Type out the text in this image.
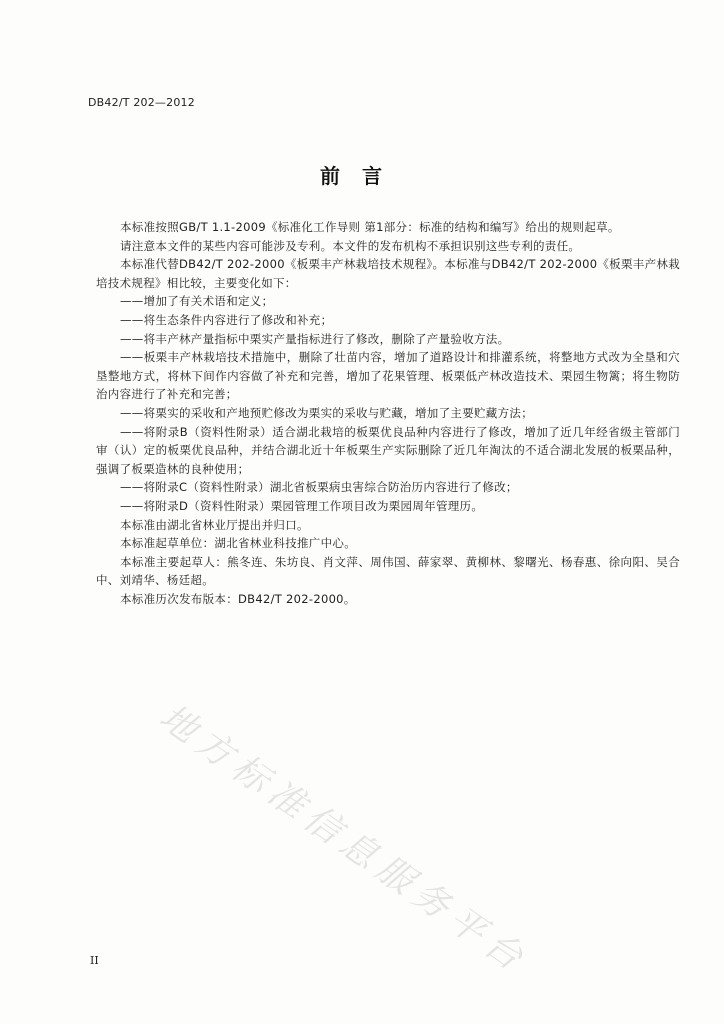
DB42/T 202—2012
前言

本标准按照GB/T 1.1-2009《标准化工作导则 第1部分：标准的结构和编写》给出的规则起草。

请注意本文件的某些内容可能涉及专利。本文件的发布机构不承担识别这些专利的责任。

本标准代替DB42/T 202-2000《板栗丰产林栽培技术规程》。本标准与DB42/T 202-2000《板栗丰产林栽培技术规程》相比较，主要变化如下：

——增加了有关术语和定义；

——将生态条件内容进行了修改和补充；

——将丰产林产量指标中栗实产量指标进行了修改，删除了产量验收方法。

——板栗丰产林栽培技术措施中，删除了壮苗内容，增加了道路设计和排灌系统，将整地方式改为全垦和穴垦整地方式，将林下间作内容做了补充和完善，增加了花果管理、板栗低产林改造技术、栗园生物篱；将生物防治内容进行了补充和完善；

——将栗实的采收和产地预贮修改为栗实的采收与贮藏，增加了主要贮藏方法；

——将附录B（资料性附录）适合湖北栽培的板栗优良品种内容进行了修改，增加了近几年经省级主管部门审（认）定的板栗优良品种，并结合湖北近十年板栗生产实际删除了近几年淘汰的不适合湖北发展的板栗品种，强调了板栗造林的良种使用；

——将附录C（资料性附录）湖北省板栗病虫害综合防治历内容进行了修改；

——将附录D（资料性附录）栗园管理工作项目改为栗园周年管理历。

本标准由湖北省林业厅提出并归口。

本标准起草单位：湖北省林业科技推广中心。

本标准主要起草人：熊冬连、朱坊良、肖文萍、周伟国、薛家翠、黄柳林、黎曙光、杨春惠、徐向阳、吴合中、刘靖华、杨廷超。

本标准历次发布版本：DB42/T 202-2000。

地方标准信息服务平台
II
